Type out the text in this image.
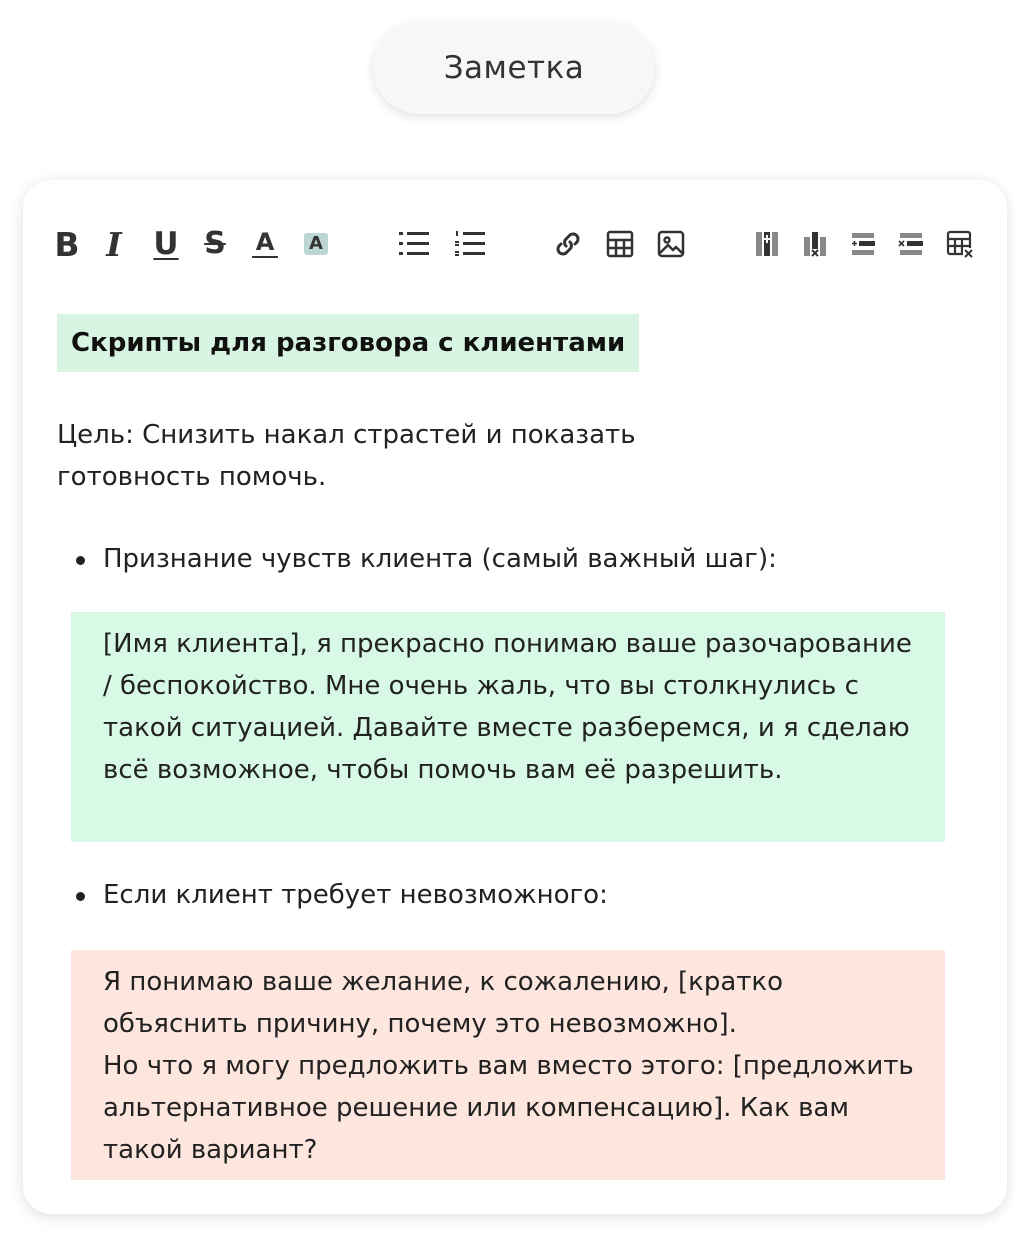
Заметка
B I U S A A
Скрипты для разговора с клиентами

Цель: Снизить накал страстей и показать готовность помочь.

Признание чувств клиента (самый важный шаг):

[Имя клиента], я прекрасно понимаю ваше разочарование / беспокойство. Мне очень жаль, что вы столкнулись с такой ситуацией. Давайте вместе разберемся, и я сделаю всё возможное, чтобы помочь вам её разрешить.

Если клиент требует невозможного:

Я понимаю ваше желание, к сожалению, [кратко объяснить причину, почему это невозможно].

Но что я могу предложить вам вместо этого: [предложить альтернативное решение или компенсацию]. Как вам такой вариант?
